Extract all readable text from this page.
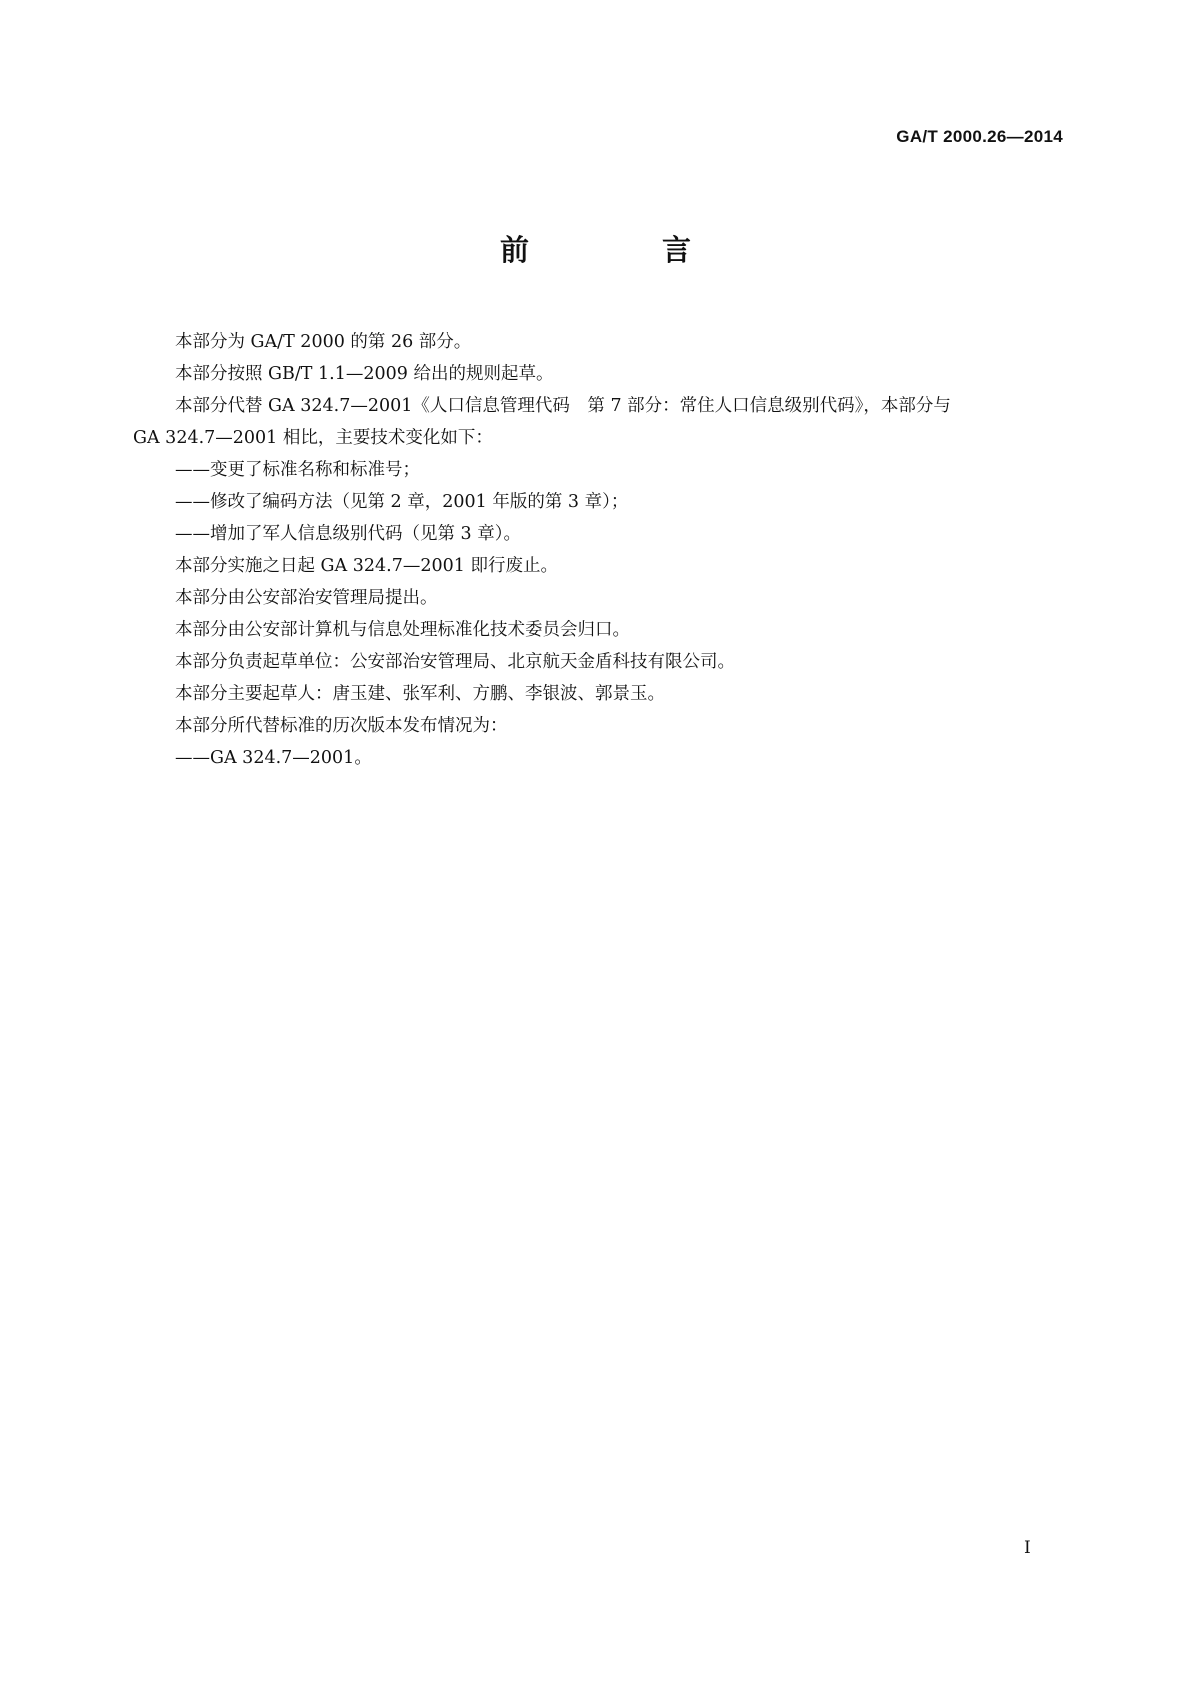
GA/T 2000.26—2014
前　言

本部分为 GA/T 2000 的第 26 部分。

本部分按照 GB/T 1.1—2009 给出的规则起草。

本部分代替 GA 324.7—2001《人口信息管理代码　第 7 部分：常住人口信息级别代码》，本部分与

GA 324.7—2001 相比，主要技术变化如下：

——变更了标准名称和标准号；

——修改了编码方法（见第 2 章，2001 年版的第 3 章）；

——增加了军人信息级别代码（见第 3 章）。

本部分实施之日起 GA 324.7—2001 即行废止。

本部分由公安部治安管理局提出。

本部分由公安部计算机与信息处理标准化技术委员会归口。

本部分负责起草单位：公安部治安管理局、北京航天金盾科技有限公司。

本部分主要起草人：唐玉建、张军利、方鹏、李银波、郭景玉。

本部分所代替标准的历次版本发布情况为：

——GA 324.7—2001。

I
